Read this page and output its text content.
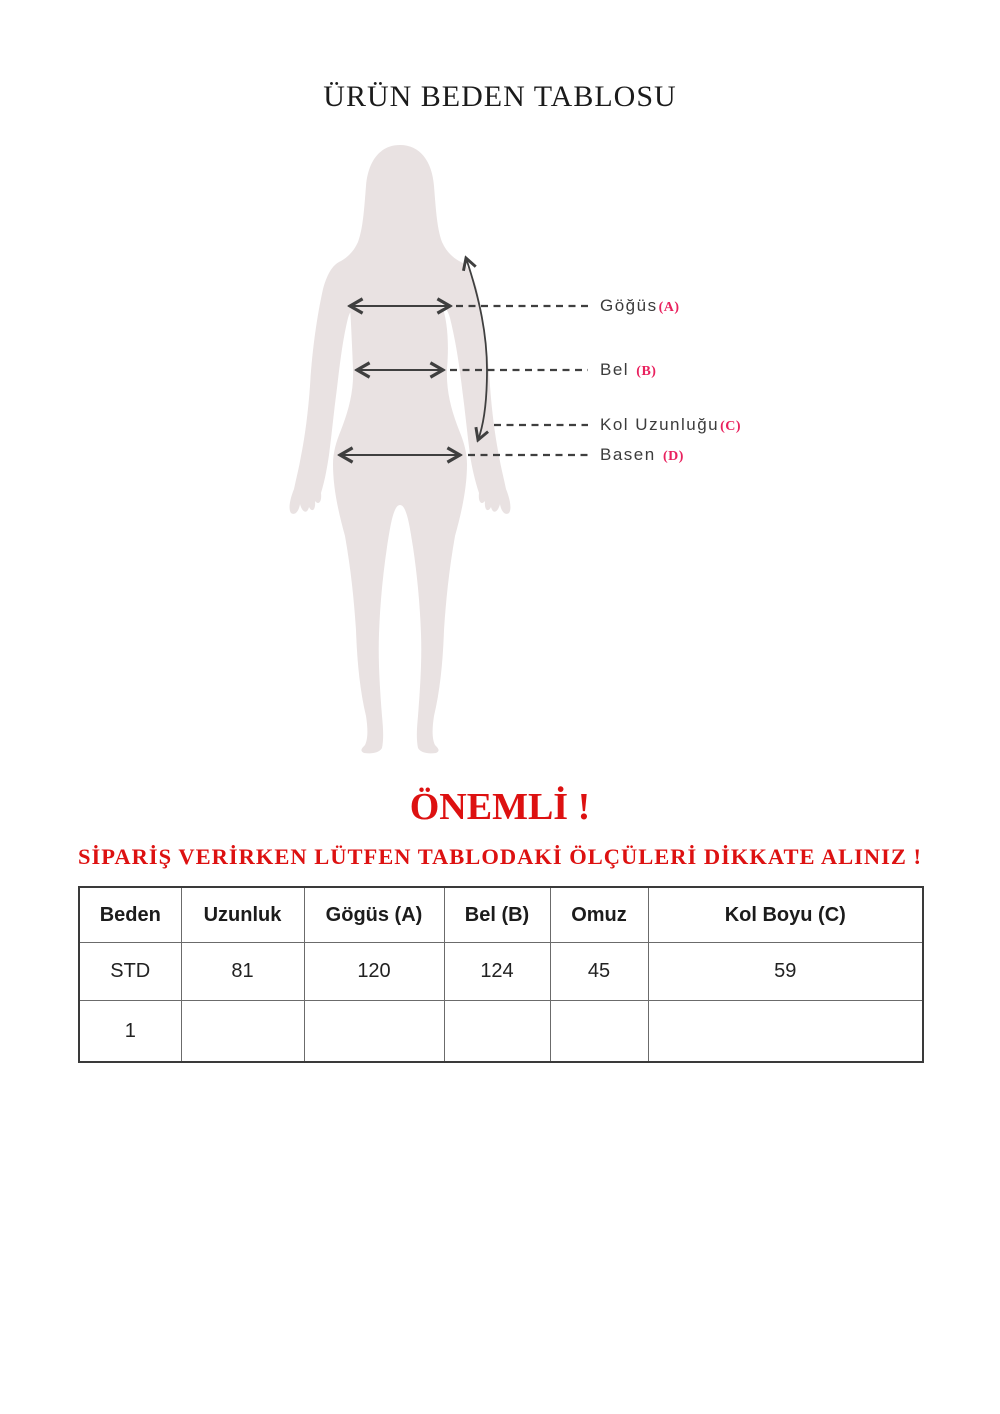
ÜRÜN BEDEN TABLOSU
Göğüs(A)
Bel (B)
Kol Uzunluğu(C)
Basen (D)
ÖNEMLİ !
SİPARİŞ VERİRKEN LÜTFEN TABLODAKİ ÖLÇÜLERİ DİKKATE ALINIZ !
Beden	Uzunluk	Gögüs (A)	Bel (B)	Omuz	Kol Boyu (C)
STD	81	120	124	45	59
1					
